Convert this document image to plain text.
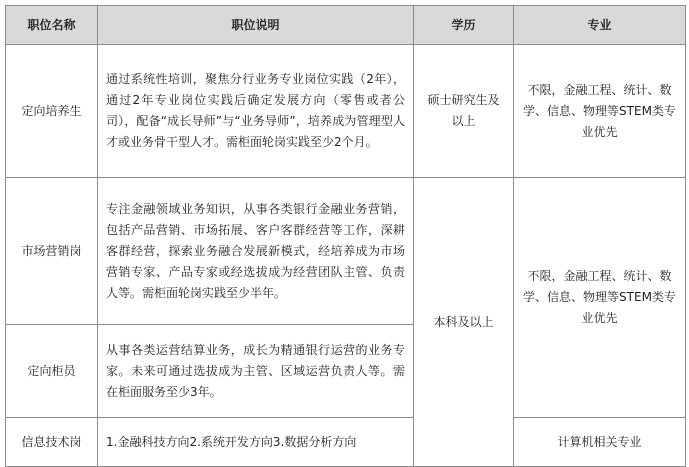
职位名称	职位说明	学历	专业
定向培养生	通过系统性培训，聚焦分行业务专业岗位实践（2年），通过2年专业岗位实践后确定发展方向（零售或者公司），配备“成长导师”与“业务导师”，培养成为管理型人才或业务骨干型人才。需柜面轮岗实践至少2个月。	硕士研究生及以上	不限，金融工程、统计、数学、信息、物理等STEM类专业优先
市场营销岗	专注金融领域业务知识，从事各类银行金融业务营销，包括产品营销、市场拓展、客户客群经营等工作，深耕客群经营，探索业务融合发展新模式，经培养成为市场营销专家、产品专家或经选拔成为经营团队主管、负责人等。需柜面轮岗实践至少半年。	本科及以上	不限，金融工程、统计、数学、信息、物理等STEM类专业优先
定向柜员	从事各类运营结算业务，成长为精通银行运营的业务专家。未来可通过选拔成为主管、区域运营负责人等。需在柜面服务至少3年。		
信息技术岗	1.金融科技方向2.系统开发方向3.数据分析方向		计算机相关专业
